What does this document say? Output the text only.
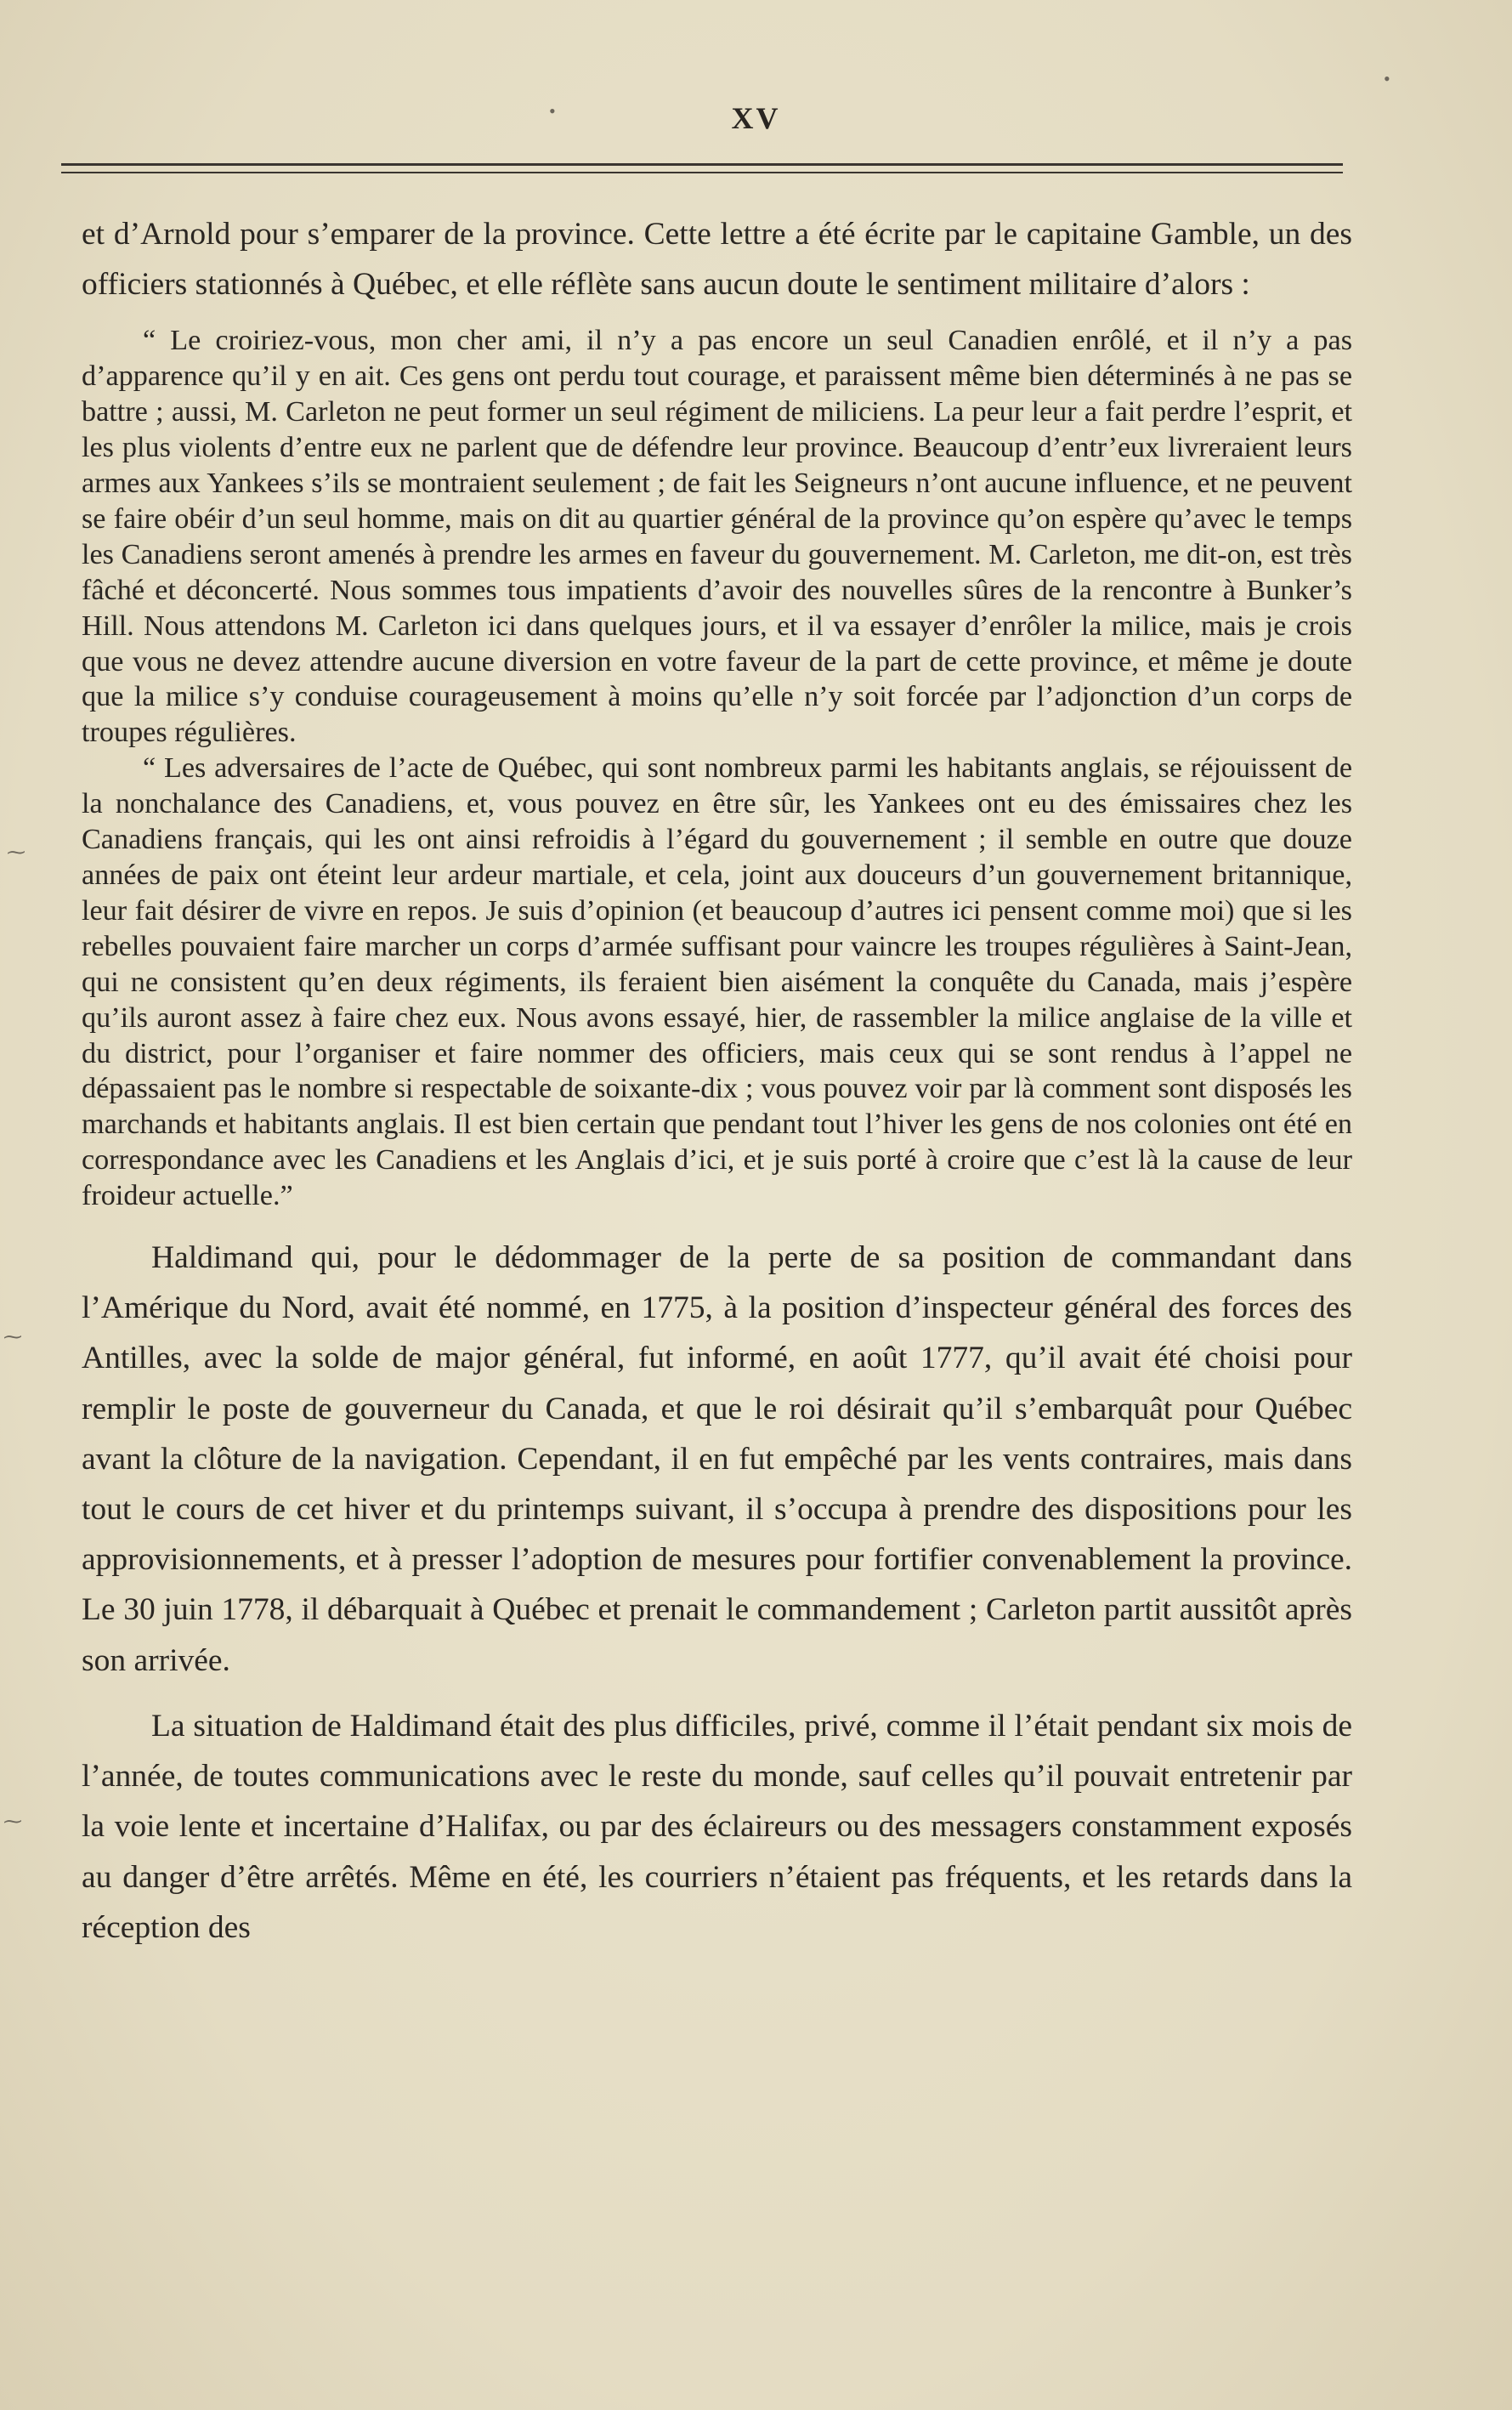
XV
•
•
⁓
⁓
⁓

et d’Arnold pour s’emparer de la province. Cette lettre a été écrite par le capitaine Gamble, un des officiers stationnés à Québec, et elle réflète sans aucun doute le sentiment militaire d’alors :

“ Le croiriez-vous, mon cher ami, il n’y a pas encore un seul Canadien enrôlé, et il n’y a pas d’apparence qu’il y en ait. Ces gens ont perdu tout courage, et paraissent même bien déterminés à ne pas se battre ; aussi, M. Carleton ne peut former un seul régiment de miliciens. La peur leur a fait perdre l’esprit, et les plus violents d’entre eux ne parlent que de défendre leur province. Beaucoup d’entr’eux livreraient leurs armes aux Yankees s’ils se montraient seulement ; de fait les Seigneurs n’ont aucune influence, et ne peuvent se faire obéir d’un seul homme, mais on dit au quartier général de la province qu’on espère qu’avec le temps les Canadiens seront amenés à prendre les armes en faveur du gouvernement. M. Carleton, me dit-on, est très fâché et déconcerté. Nous sommes tous impatients d’avoir des nouvelles sûres de la rencontre à Bunker’s Hill. Nous attendons M. Carleton ici dans quelques jours, et il va essayer d’enrôler la milice, mais je crois que vous ne devez attendre aucune diversion en votre faveur de la part de cette province, et même je doute que la milice s’y conduise courageusement à moins qu’elle n’y soit forcée par l’adjonction d’un corps de troupes régulières.

“ Les adversaires de l’acte de Québec, qui sont nombreux parmi les habitants anglais, se réjouissent de la nonchalance des Canadiens, et, vous pouvez en être sûr, les Yankees ont eu des émissaires chez les Canadiens français, qui les ont ainsi refroidis à l’égard du gouvernement ; il semble en outre que douze années de paix ont éteint leur ardeur martiale, et cela, joint aux douceurs d’un gouvernement britannique, leur fait désirer de vivre en repos. Je suis d’opinion (et beaucoup d’autres ici pensent comme moi) que si les rebelles pouvaient faire marcher un corps d’armée suffisant pour vaincre les troupes régulières à Saint-Jean, qui ne consistent qu’en deux régiments, ils feraient bien aisément la conquête du Canada, mais j’espère qu’ils auront assez à faire chez eux. Nous avons essayé, hier, de rassembler la milice anglaise de la ville et du district, pour l’organiser et faire nommer des officiers, mais ceux qui se sont rendus à l’appel ne dépassaient pas le nombre si respectable de soixante-dix ; vous pouvez voir par là comment sont disposés les marchands et habitants anglais. Il est bien certain que pendant tout l’hiver les gens de nos colonies ont été en correspondance avec les Canadiens et les Anglais d’ici, et je suis porté à croire que c’est là la cause de leur froideur actuelle.”

Haldimand qui, pour le dédommager de la perte de sa position de commandant dans l’Amérique du Nord, avait été nommé, en 1775, à la position d’inspecteur général des forces des Antilles, avec la solde de major général, fut informé, en août 1777, qu’il avait été choisi pour remplir le poste de gouverneur du Canada, et que le roi désirait qu’il s’embarquât pour Québec avant la clôture de la navigation. Cependant, il en fut empêché par les vents contraires, mais dans tout le cours de cet hiver et du printemps suivant, il s’occupa à prendre des dispositions pour les approvisionnements, et à presser l’adoption de mesures pour fortifier convenablement la province. Le 30 juin 1778, il débarquait à Québec et prenait le commandement ; Carleton partit aussitôt après son arrivée.

La situation de Haldimand était des plus difficiles, privé, comme il l’était pendant six mois de l’année, de toutes communications avec le reste du monde, sauf celles qu’il pouvait entretenir par la voie lente et incertaine d’Halifax, ou par des éclaireurs ou des messagers constamment exposés au danger d’être arrêtés. Même en été, les courriers n’étaient pas fréquents, et les retards dans la réception des
